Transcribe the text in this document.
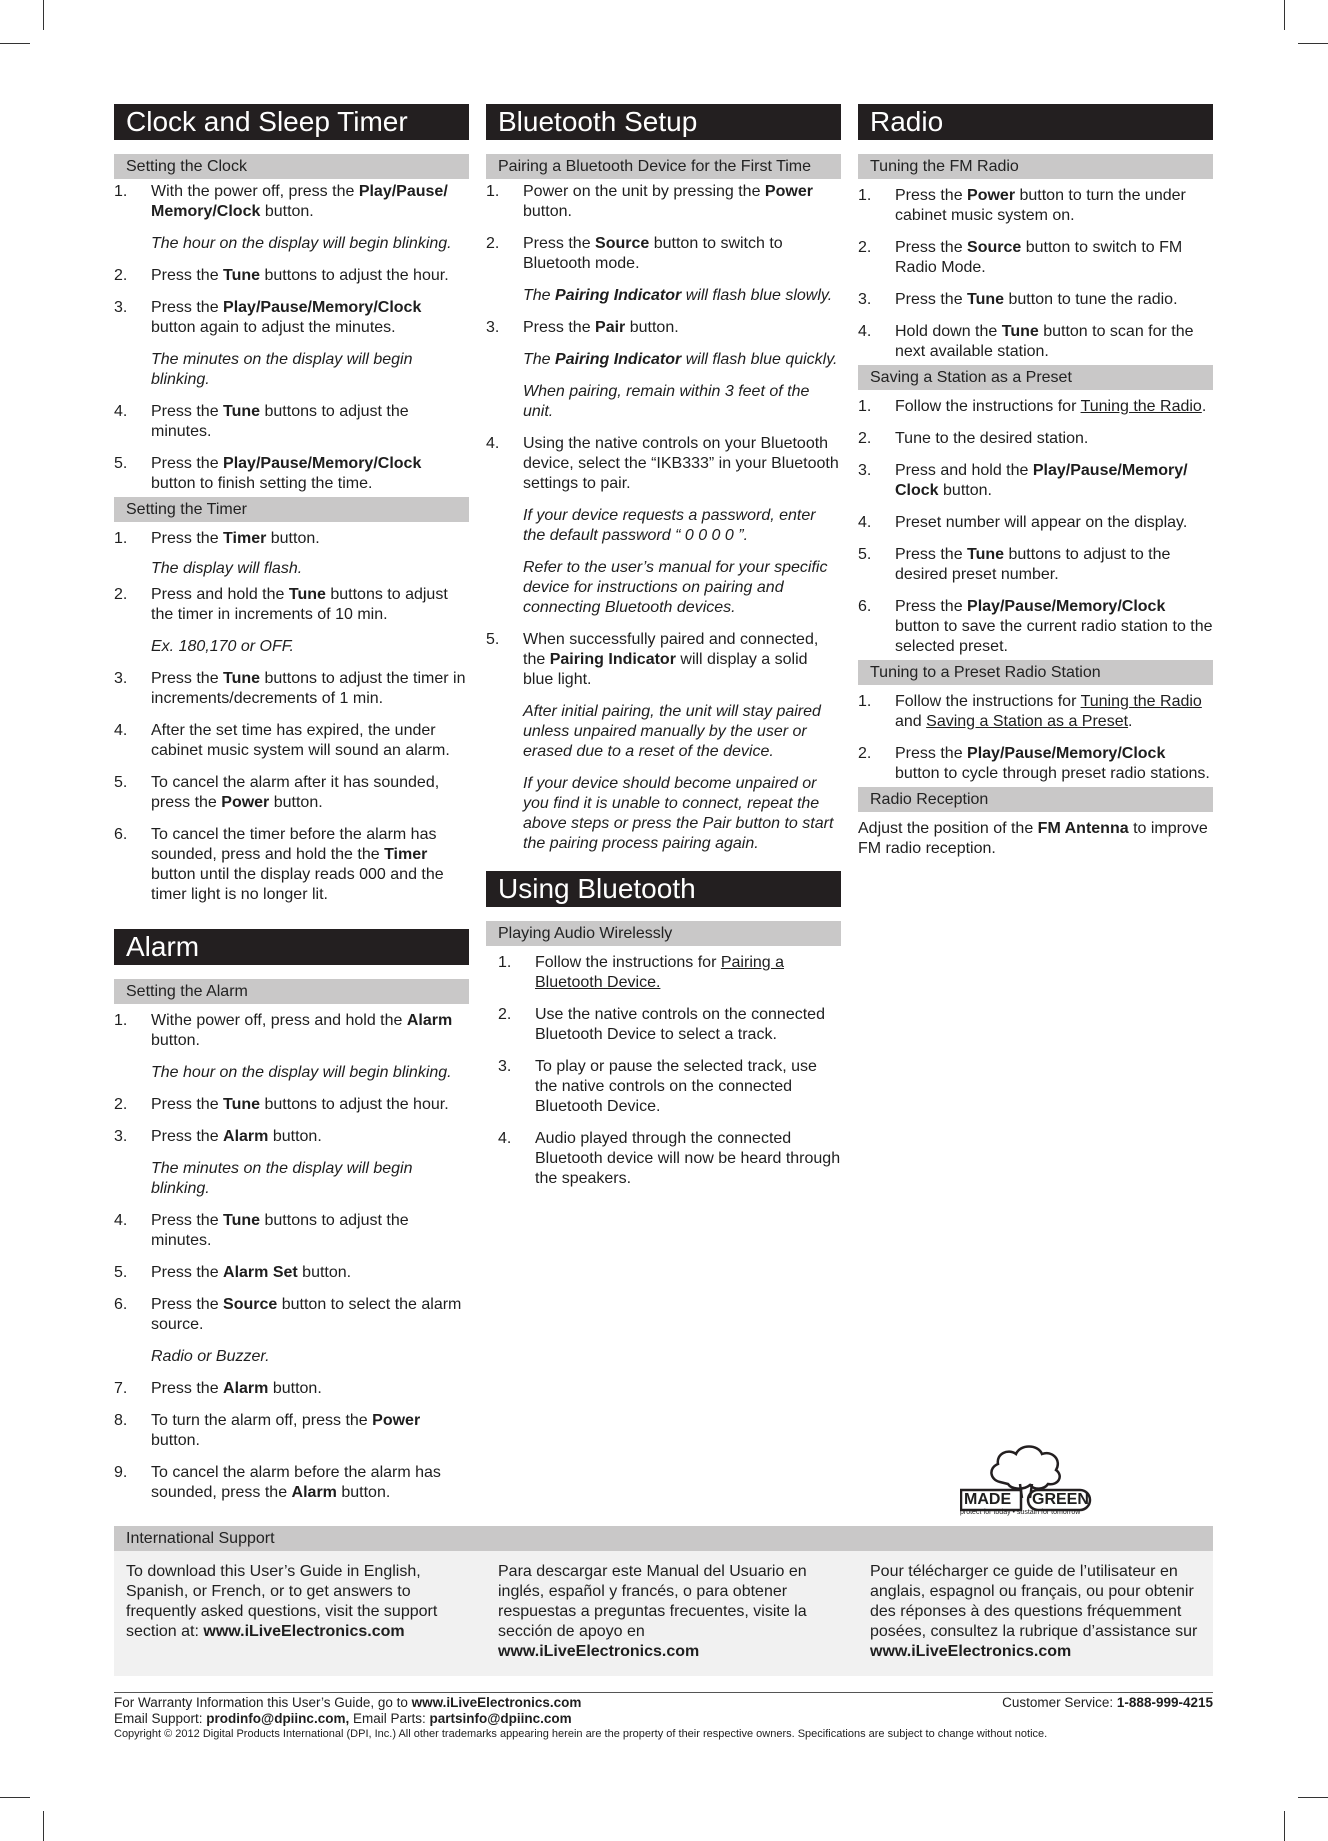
Clock and Sleep Timer
Setting the Clock
1. With the power off, press the Play/Pause/ Memory/Clock button.
The hour on the display will begin blinking.
2. Press the Tune buttons to adjust the hour.
3. Press the Play/Pause/Memory/Clock button again to adjust the minutes.
The minutes on the display will begin blinking.
4. Press the Tune buttons to adjust the minutes.
5. Press the Play/Pause/Memory/Clock button to finish setting the time.
Setting the Timer
1. Press the Timer button.
The display will flash.
2. Press and hold the Tune buttons to adjust the timer in increments of 10 min.
Ex. 180,170 or OFF.
3. Press the Tune buttons to adjust the timer in increments/decrements of 1 min.
4. After the set time has expired, the under cabinet music system will sound an alarm.
5. To cancel the alarm after it has sounded, press the Power button.
6. To cancel the timer before the alarm has sounded, press and hold the the Timer button until the display reads 000 and the timer light is no longer lit.
Alarm
Setting the Alarm
1. Withe power off, press and hold the Alarm button.
The hour on the display will begin blinking.
2. Press the Tune buttons to adjust the hour.
3. Press the Alarm button.
The minutes on the display will begin blinking.
4. Press the Tune buttons to adjust the minutes.
5. Press the Alarm Set button.
6. Press the Source button to select the alarm source.
Radio or Buzzer.
7. Press the Alarm button.
8. To turn the alarm off, press the Power button.
9. To cancel the alarm before the alarm has sounded, press the Alarm button.
Bluetooth Setup
Pairing a Bluetooth Device for the First Time
1. Power on the unit by pressing the Power button.
2. Press the Source button to switch to Bluetooth mode.
The Pairing Indicator will flash blue slowly.
3. Press the Pair button.
The Pairing Indicator will flash blue quickly.
When pairing, remain within 3 feet of the unit.
4. Using the native controls on your Bluetooth device, select the “IKB333” in your Bluetooth settings to pair.
If your device requests a password, enter the default password “ 0 0 0 0 ”.
Refer to the user’s manual for your specific device for instructions on pairing and connecting Bluetooth devices.
5. When successfully paired and connected, the Pairing Indicator will display a solid blue light.
After initial pairing, the unit will stay paired unless unpaired manually by the user or erased due to a reset of the device.
If your device should become unpaired or you find it is unable to connect, repeat the above steps or press the Pair button to start the pairing process pairing again.
Using Bluetooth
Playing Audio Wirelessly
1. Follow the instructions for Pairing a Bluetooth Device.
2. Use the native controls on the connected Bluetooth Device to select a track.
3. To play or pause the selected track, use the native controls on the connected Bluetooth Device.
4. Audio played through the connected Bluetooth device will now be heard through the speakers.
Radio
Tuning the FM Radio
1. Press the Power button to turn the under cabinet music system on.
2. Press the Source button to switch to FM Radio Mode.
3. Press the Tune button to tune the radio.
4. Hold down the Tune button to scan for the next available station.
Saving a Station as a Preset
1. Follow the instructions for Tuning the Radio.
2. Tune to the desired station.
3. Press and hold the Play/Pause/Memory/ Clock button.
4. Preset number will appear on the display.
5. Press the Tune buttons to adjust to the desired preset number.
6. Press the Play/Pause/Memory/Clock button to save the current radio station to the selected preset.
Tuning to a Preset Radio Station
1. Follow the instructions for Tuning the Radio and Saving a Station as a Preset.
2. Press the Play/Pause/Memory/Clock button to cycle through preset radio stations.
Radio Reception
Adjust the position of the FM Antenna to improve FM radio reception.
MADE GREEN
protect for today • sustain for tomorrow
International Support
To download this User’s Guide in English, Spanish, or French, or to get answers to frequently asked questions, visit the support section at: www.iLiveElectronics.com
Para descargar este Manual del Usuario en inglés, español y francés, o para obtener respuestas a preguntas frecuentes, visite la sección de apoyo en www.iLiveElectronics.com
Pour télécharger ce guide de l’utilisateur en anglais, espagnol ou français, ou pour obtenir des réponses à des questions fréquemment posées, consultez la rubrique d’assistance sur www.iLiveElectronics.com
For Warranty Information this User’s Guide, go to www.iLiveElectronics.com	Customer Service: 1-888-999-4215
Email Support: prodinfo@dpiinc.com, Email Parts: partsinfo@dpiinc.com
Copyright © 2012 Digital Products International (DPI, Inc.) All other trademarks appearing herein are the property of their respective owners. Specifications are subject to change without notice.
